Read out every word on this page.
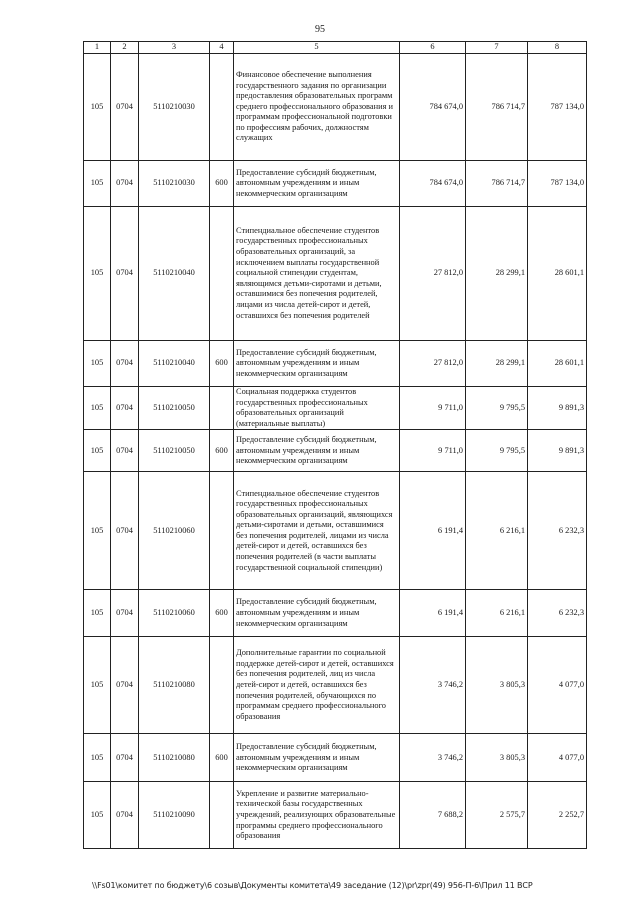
95
1	2	3	4	5	6	7	8
105	0704	5110210030		Финансовое обеспечение выполнения государственного задания по организации предоставления образовательных программ среднего профессионального образования и программам профессиональной подготовки по профессиям рабочих, должностям служащих	784 674,0	786 714,7	787 134,0
105	0704	5110210030	600	Предоставление субсидий бюджетным, автономным учреждениям и иным некоммерческим организациям	784 674,0	786 714,7	787 134,0
105	0704	5110210040		Стипендиальное обеспечение студентов государственных профессиональных образовательных организаций, за исключением выплаты государственной социальной стипендии студентам, являющимся детьми-сиротами и детьми, оставшимися без попечения родителей, лицами из числа детей-сирот и детей, оставшихся без попечения родителей	27 812,0	28 299,1	28 601,1
105	0704	5110210040	600	Предоставление субсидий бюджетным, автономным учреждениям и иным некоммерческим организациям	27 812,0	28 299,1	28 601,1
105	0704	5110210050		Социальная поддержка студентов государственных профессиональных образовательных организаций (материальные выплаты)	9 711,0	9 795,5	9 891,3
105	0704	5110210050	600	Предоставление субсидий бюджетным, автономным учреждениям и иным некоммерческим организациям	9 711,0	9 795,5	9 891,3
105	0704	5110210060		Стипендиальное обеспечение студентов государственных профессиональных образовательных организаций, являющихся детьми-сиротами и детьми, оставшимися без попечения родителей, лицами из числа детей-сирот и детей, оставшихся без попечения родителей (в части выплаты государственной социальной стипендии)	6 191,4	6 216,1	6 232,3
105	0704	5110210060	600	Предоставление субсидий бюджетным, автономным учреждениям и иным некоммерческим организациям	6 191,4	6 216,1	6 232,3
105	0704	5110210080		Дополнительные гарантии по социальной поддержке детей-сирот и детей, оставшихся без попечения родителей, лиц из числа детей-сирот и детей, оставшихся без попечения родителей, обучающихся по программам среднего профессионального образования	3 746,2	3 805,3	4 077,0
105	0704	5110210080	600	Предоставление субсидий бюджетным, автономным учреждениям и иным некоммерческим организациям	3 746,2	3 805,3	4 077,0
105	0704	5110210090		Укрепление и развитие материально-технической базы государственных учреждений, реализующих образовательные программы среднего профессионального образования	7 688,2	2 575,7	2 252,7
\\Fs01\комитет по бюджету\6 созыв\Документы комитета\49 заседание (12)\pr\zpr(49) 956-П-6\Прил 11 ВСР
